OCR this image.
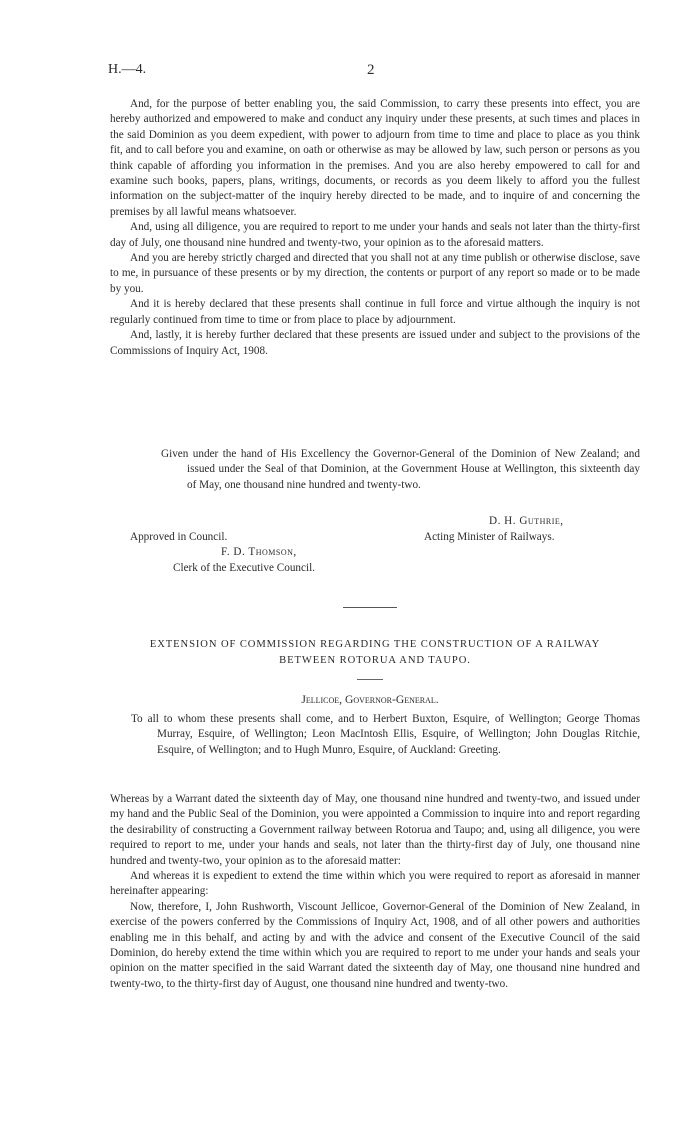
H.—4.	2

And, for the purpose of better enabling you, the said Commission, to carry these presents into effect, you are hereby authorized and empowered to make and conduct any inquiry under these presents, at such times and places in the said Dominion as you deem expedient, with power to adjourn from time to time and place to place as you think fit, and to call before you and examine, on oath or otherwise as may be allowed by law, such person or persons as you think capable of affording you information in the premises. And you are also hereby empowered to call for and examine such books, papers, plans, writings, documents, or records as you deem likely to afford you the fullest information on the subject-matter of the inquiry hereby directed to be made, and to inquire of and concerning the premises by all lawful means whatsoever.

And, using all diligence, you are required to report to me under your hands and seals not later than the thirty-first day of July, one thousand nine hundred and twenty-two, your opinion as to the aforesaid matters.

And you are hereby strictly charged and directed that you shall not at any time publish or otherwise disclose, save to me, in pursuance of these presents or by my direction, the contents or purport of any report so made or to be made by you.

And it is hereby declared that these presents shall continue in full force and virtue although the inquiry is not regularly continued from time to time or from place to place by adjournment.

And, lastly, it is hereby further declared that these presents are issued under and subject to the provisions of the Commissions of Inquiry Act, 1908.

Given under the hand of His Excellency the Governor-General of the Dominion of New Zealand; and issued under the Seal of that Dominion, at the Government House at Wellington, this sixteenth day of May, one thousand nine hundred and twenty-two.
D. H. Guthrie,
Acting Minister of Railways.
Approved in Council.
F. D. Thomson,
Clerk of the Executive Council.
EXTENSION OF COMMISSION REGARDING THE CONSTRUCTION OF A RAILWAY
BETWEEN ROTORUA AND TAUPO.
Jellicoe, Governor-General.
To all to whom these presents shall come, and to Herbert Buxton, Esquire, of Wellington; George Thomas Murray, Esquire, of Wellington; Leon MacIntosh Ellis, Esquire, of Wellington; John Douglas Ritchie, Esquire, of Wellington; and to Hugh Munro, Esquire, of Auckland: Greeting.

Whereas by a Warrant dated the sixteenth day of May, one thousand nine hundred and twenty-two, and issued under my hand and the Public Seal of the Dominion, you were appointed a Commission to inquire into and report regarding the desirability of constructing a Government railway between Rotorua and Taupo; and, using all diligence, you were required to report to me, under your hands and seals, not later than the thirty-first day of July, one thousand nine hundred and twenty-two, your opinion as to the aforesaid matter:

And whereas it is expedient to extend the time within which you were required to report as aforesaid in manner hereinafter appearing:

Now, therefore, I, John Rushworth, Viscount Jellicoe, Governor-General of the Dominion of New Zealand, in exercise of the powers conferred by the Commissions of Inquiry Act, 1908, and of all other powers and authorities enabling me in this behalf, and acting by and with the advice and consent of the Executive Council of the said Dominion, do hereby extend the time within which you are required to report to me under your hands and seals your opinion on the matter specified in the said Warrant dated the sixteenth day of May, one thousand nine hundred and twenty-two, to the thirty-first day of August, one thousand nine hundred and twenty-two.
